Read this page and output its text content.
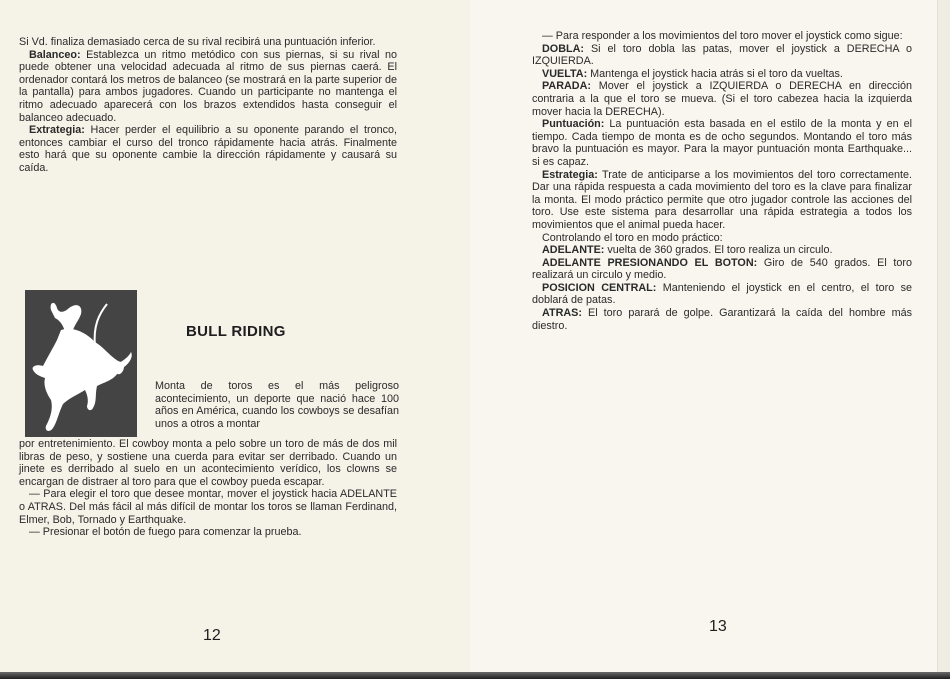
Si Vd. finaliza demasiado cerca de su rival recibirá una puntuación inferior.

Balanceo: Establezca un ritmo metódico con sus piernas, si su rival no puede obtener una velocidad adecuada al ritmo de sus piernas caerá. El ordenador contará los metros de balanceo (se mostrará en la parte superior de la pantalla) para ambos jugadores. Cuando un participante no mantenga el ritmo adecuado aparecerá con los brazos extendidos hasta conseguir el balanceo adecuado.

Extrategia: Hacer perder el equilibrio a su oponente parando el tronco, entonces cambiar el curso del tronco rápidamente hacia atrás. Finalmente esto hará que su oponente cambie la dirección rápidamente y causará su caída.

BULL RIDING

Monta de toros es el más peligroso acontecimiento, un deporte que nació hace 100 años en América, cuando los cowboys se desafían unos a otros a montar

por entretenimiento. El cowboy monta a pelo sobre un toro de más de dos mil libras de peso, y sostiene una cuerda para evitar ser derribado. Cuando un jinete es derribado al suelo en un acontecimiento verídico, los clowns se encargan de distraer al toro para que el cowboy pueda escapar.

— Para elegir el toro que desee montar, mover el joystick hacia ADELANTE o ATRAS. Del más fácil al más difícil de montar los toros se llaman Ferdinand, Elmer, Bob, Tornado y Earthquake.

— Presionar el botón de fuego para comenzar la prueba.

12
13

— Para responder a los movimientos del toro mover el joystick como sigue:

DOBLA: Si el toro dobla las patas, mover el joystick a DERECHA o IZQUIERDA.

VUELTA: Mantenga el joystick hacia atrás si el toro da vueltas.

PARADA: Mover el joystick a IZQUIERDA o DERECHA en dirección contraria a la que el toro se mueva. (Si el toro cabezea hacia la izquierda mover hacia la DERECHA).

Puntuación: La puntuación esta basada en el estilo de la monta y en el tiempo. Cada tiempo de monta es de ocho segundos. Montando el toro más bravo la puntuación es mayor. Para la mayor puntuación monta Earthquake... si es capaz.

Estrategia: Trate de anticiparse a los movimientos del toro correctamente. Dar una rápida respuesta a cada movimiento del toro es la clave para finalizar la monta. El modo práctico permite que otro jugador controle las acciones del toro. Use este sistema para desarrollar una rápida estrategia a todos los movimientos que el animal pueda hacer.

Controlando el toro en modo práctico:

ADELANTE: vuelta de 360 grados. El toro realiza un circulo.

ADELANTE PRESIONANDO EL BOTON: Giro de 540 grados. El toro realizará un circulo y medio.

POSICION CENTRAL: Manteniendo el joystick en el centro, el toro se doblará de patas.

ATRAS: El toro parará de golpe. Garantizará la caída del hombre más diestro.
